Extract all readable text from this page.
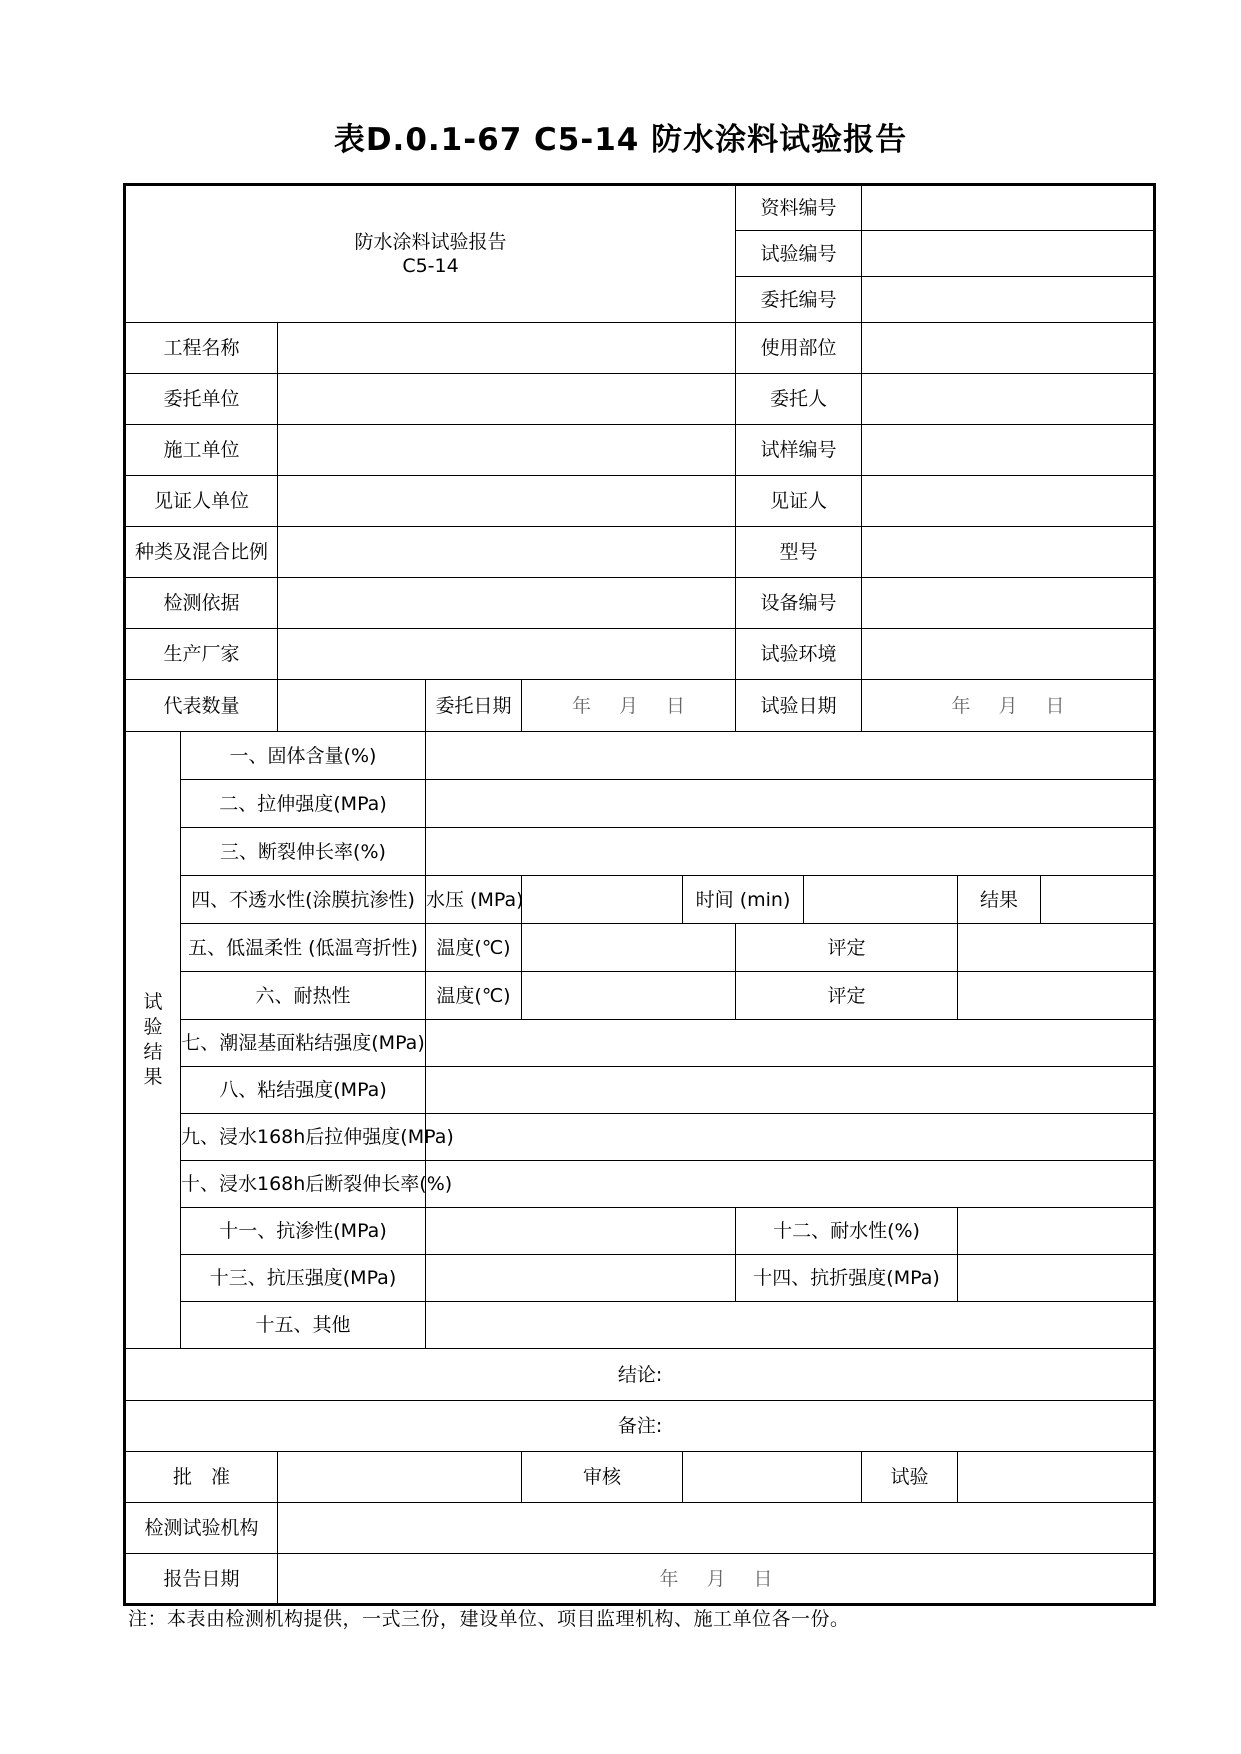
表D.0.1-67 C5-14 防水涂料试验报告
防水涂料试验报告
C5-14						资料编号				
						试验编号				
						委托编号				
工程名称						使用部位				
委托单位						委托人				
施工单位						试样编号				
见证人单位						见证人				
种类及混合比例						型号				
检测依据						设备编号				
生产厂家						试验环境				
代表数量			委托日期	年 月 日		试验日期		年 月 日		

试
验
结
果	一、固体含量(%)									
	二、拉伸强度(MPa)									
	三、断裂伸长率(%)									
	四、不透水性(涂膜抗渗性)		水压 (MPa)		时间 (min)				结果	
	五、低温柔性 (低温弯折性)		温度(℃)			评定				
	六、耐热性		温度(℃)			评定				
	七、潮湿基面粘结强度(MPa)									
	八、粘结强度(MPa)									
	九、浸水168h后拉伸强度(MPa)									
	十、浸水168h后断裂伸长率(%)									
	十一、抗渗性(MPa)					十二、耐水性(%)				
	十三、抗压强度(MPa)					十四、抗折强度(MPa)				
	十五、其他									
结论:										
备注:										
批　准				审核				试验		
检测试验机构										
报告日期		年 月 日								
注：本表由检测机构提供，一式三份，建设单位、项目监理机构、施工单位各一份。
